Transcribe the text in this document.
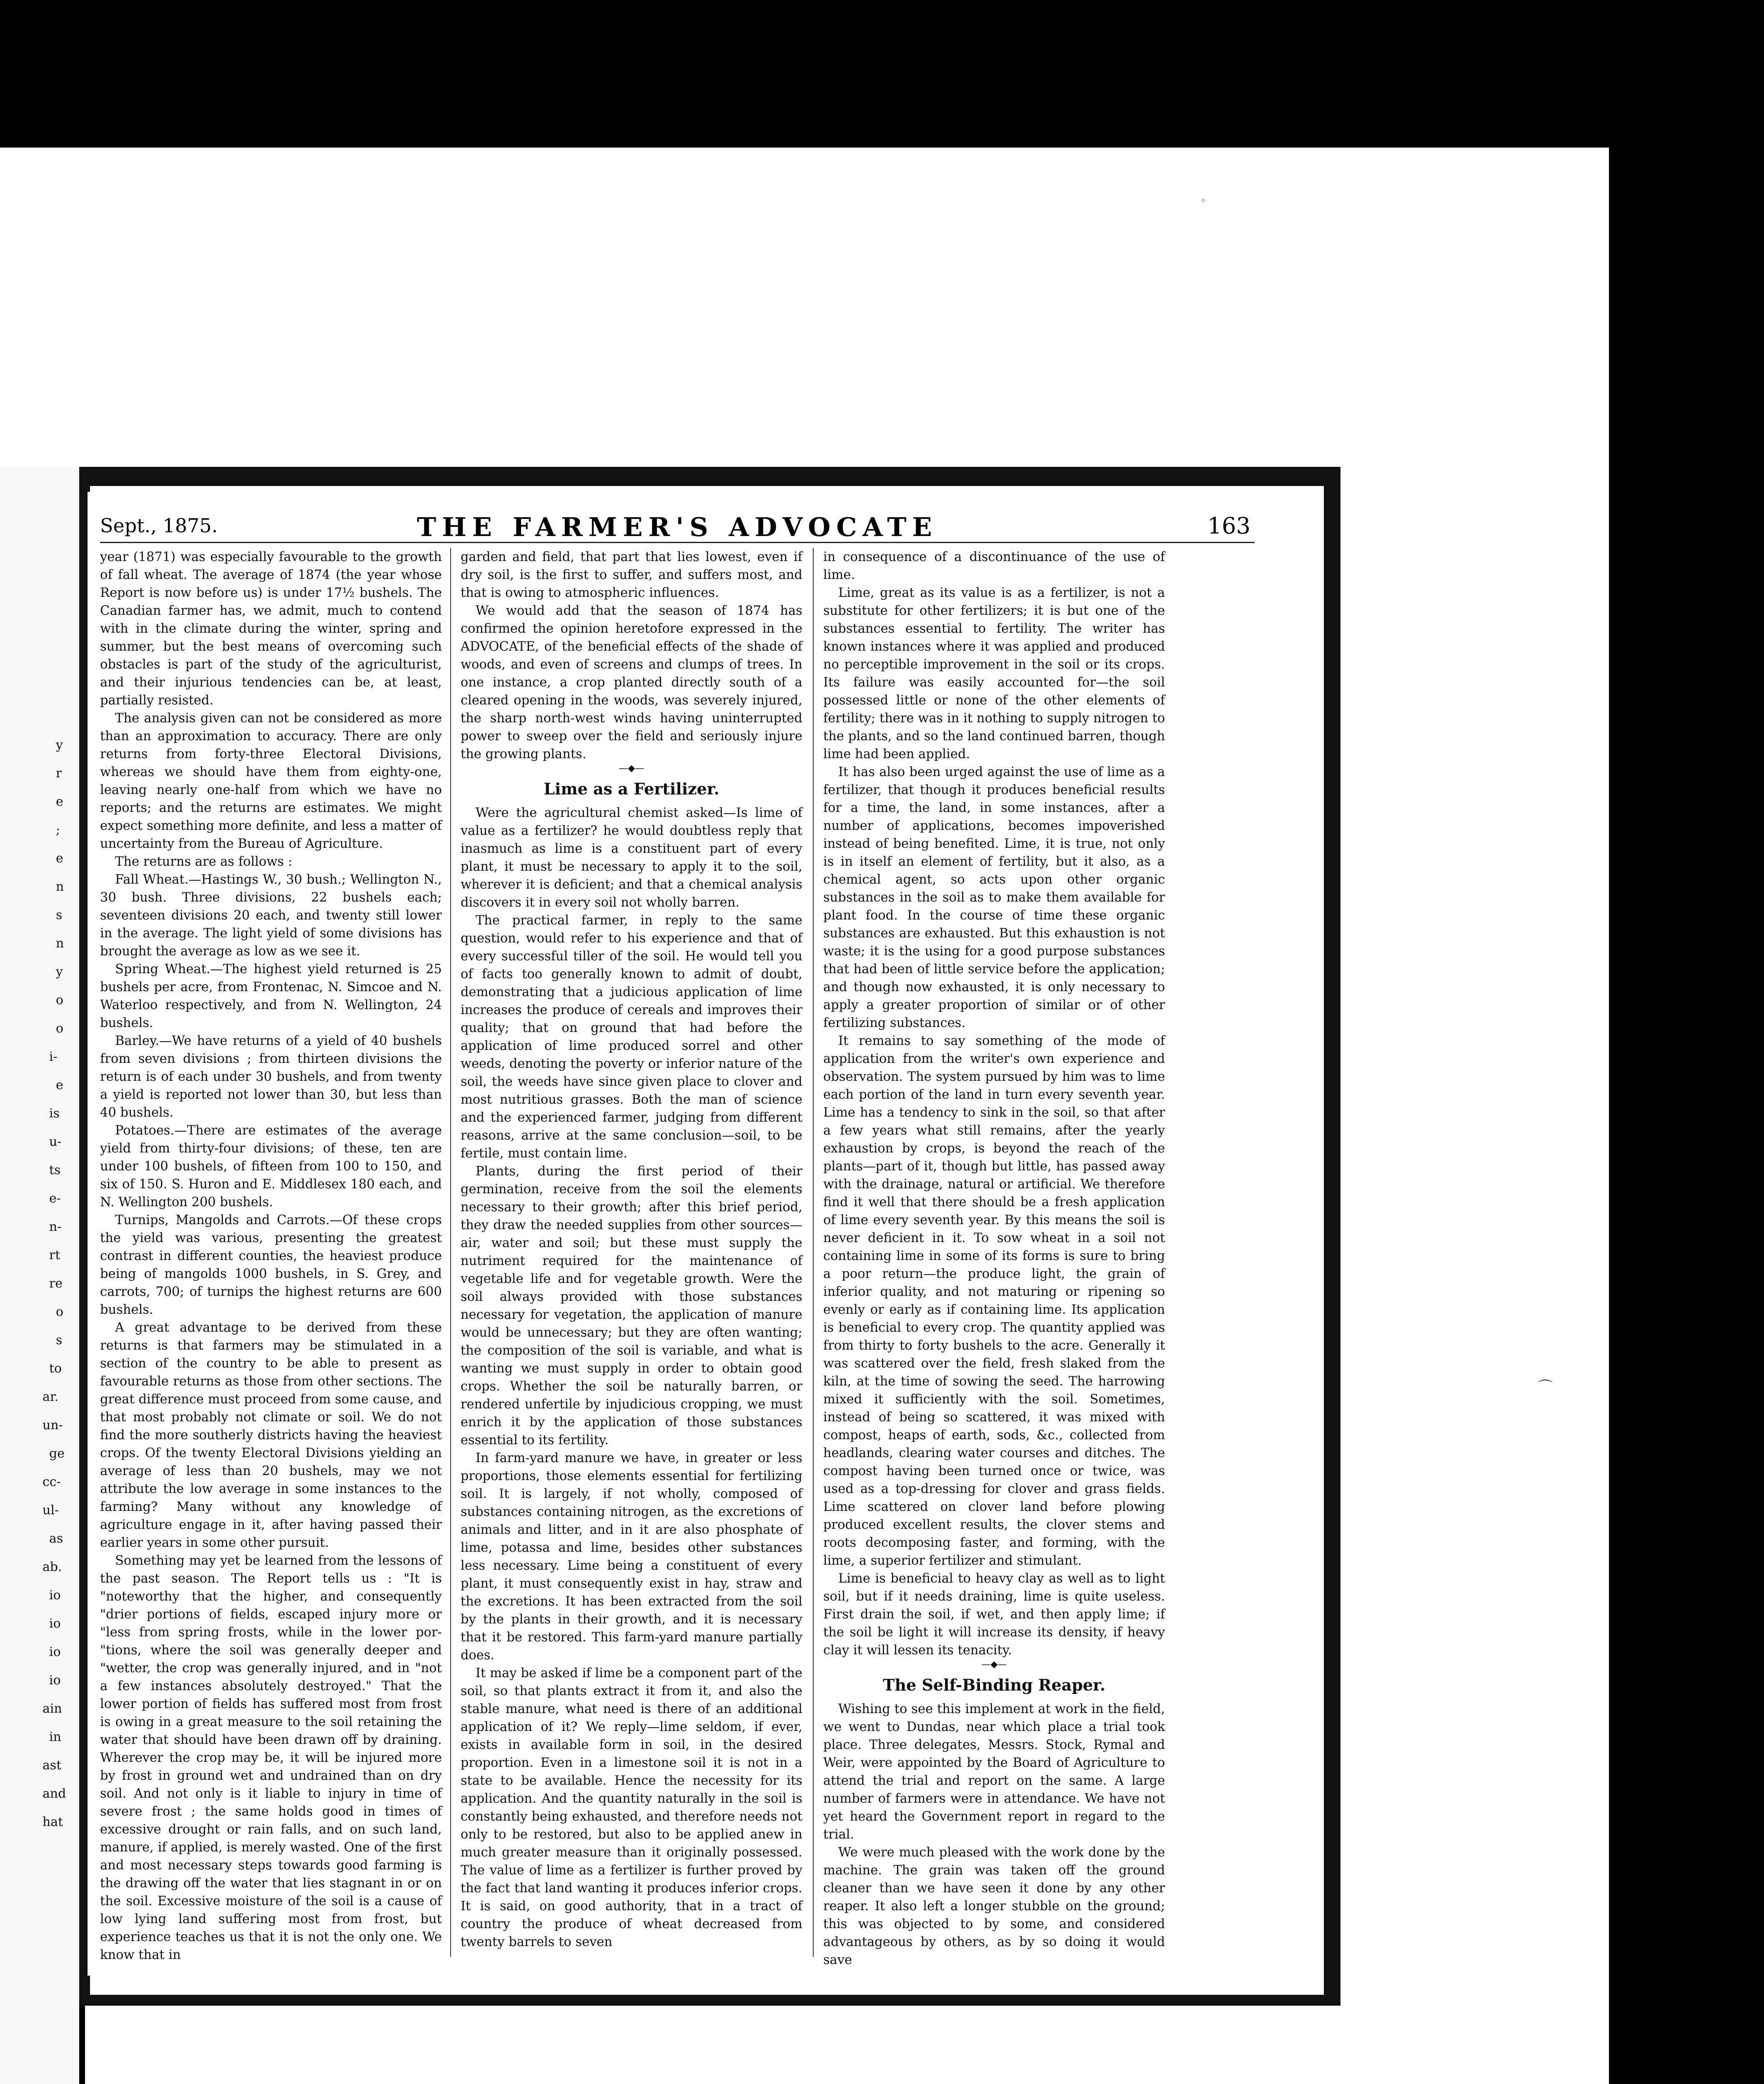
y
r
e
;
e
n
s
n
y
o
o
i-
e
is
u-
ts
e-
n-
rt
re
o
s
to
ar.
un-
ge
cc-
ul-
as
ab.
io
io
io
io
ain
in
ast
and
hat
Sept., 1875.	THE FARMER'S ADVOCATE	163

year (1871) was especially favourable to the growth of fall wheat. The average of 1874 (the year whose Report is now before us) is under 17½ bushels. The Canadian farmer has, we admit, much to contend with in the climate during the winter, spring and summer, but the best means of overcoming such obstacles is part of the study of the agriculturist, and their injurious tendencies can be, at least, partially resisted.

The analysis given can not be considered as more than an approximation to accuracy. There are only returns from forty-three Electoral Divisions, whereas we should have them from eighty-one, leaving nearly one-half from which we have no reports; and the returns are estimates. We might expect something more definite, and less a matter of uncertainty from the Bureau of Agriculture.

The returns are as follows :

Fall Wheat.—Hastings W., 30 bush.; Wellington N., 30 bush. Three divisions, 22 bushels each; seventeen divisions 20 each, and twenty still lower in the average. The light yield of some divisions has brought the average as low as we see it.

Spring Wheat.—The highest yield returned is 25 bushels per acre, from Frontenac, N. Simcoe and N. Waterloo respectively, and from N. Wellington, 24 bushels.

Barley.—We have returns of a yield of 40 bushels from seven divisions ; from thirteen divisions the return is of each under 30 bushels, and from twenty a yield is reported not lower than 30, but less than 40 bushels.

Potatoes.—There are estimates of the average yield from thirty-four divisions; of these, ten are under 100 bushels, of fifteen from 100 to 150, and six of 150. S. Huron and E. Middlesex 180 each, and N. Wellington 200 bushels.

Turnips, Mangolds and Carrots.—Of these crops the yield was various, presenting the greatest contrast in different counties, the heaviest produce being of mangolds 1000 bushels, in S. Grey, and carrots, 700; of turnips the highest returns are 600 bushels.

A great advantage to be derived from these returns is that farmers may be stimulated in a section of the country to be able to present as favourable returns as those from other sections. The great difference must proceed from some cause, and that most probably not climate or soil. We do not find the more southerly districts having the heaviest crops. Of the twenty Electoral Divisions yielding an average of less than 20 bushels, may we not attribute the low average in some instances to the farming? Many without any knowledge of agriculture engage in it, after having passed their earlier years in some other pursuit.

Something may yet be learned from the lessons of the past season. The Report tells us : "It is "noteworthy that the higher, and consequently "drier portions of fields, escaped injury more or "less from spring frosts, while in the lower por- "tions, where the soil was generally deeper and "wetter, the crop was generally injured, and in "not a few instances absolutely destroyed." That the lower portion of fields has suffered most from frost is owing in a great measure to the soil retaining the water that should have been drawn off by draining. Wherever the crop may be, it will be injured more by frost in ground wet and undrained than on dry soil. And not only is it liable to injury in time of severe frost ; the same holds good in times of excessive drought or rain falls, and on such land, manure, if applied, is merely wasted. One of the first and most necessary steps towards good farming is the drawing off the water that lies stagnant in or on the soil. Excessive moisture of the soil is a cause of low lying land suffering most from frost, but experience teaches us that it is not the only one. We know that in

garden and field, that part that lies lowest, even if dry soil, is the first to suffer, and suffers most, and that is owing to atmospheric influences.

We would add that the season of 1874 has confirmed the opinion heretofore expressed in the ADVOCATE, of the beneficial effects of the shade of woods, and even of screens and clumps of trees. In one instance, a crop planted directly south of a cleared opening in the woods, was severely injured, the sharp north-west winds having uninterrupted power to sweep over the field and seriously injure the growing plants.

—◆—
Lime as a Fertilizer.

Were the agricultural chemist asked—Is lime of value as a fertilizer? he would doubtless reply that inasmuch as lime is a constituent part of every plant, it must be necessary to apply it to the soil, wherever it is deficient; and that a chemical analysis discovers it in every soil not wholly barren.

The practical farmer, in reply to the same question, would refer to his experience and that of every successful tiller of the soil. He would tell you of facts too generally known to admit of doubt, demonstrating that a judicious application of lime increases the produce of cereals and improves their quality; that on ground that had before the application of lime produced sorrel and other weeds, denoting the poverty or inferior nature of the soil, the weeds have since given place to clover and most nutritious grasses. Both the man of science and the experienced farmer, judging from different reasons, arrive at the same conclusion—soil, to be fertile, must contain lime.

Plants, during the first period of their germination, receive from the soil the elements necessary to their growth; after this brief period, they draw the needed supplies from other sources—air, water and soil; but these must supply the nutriment required for the maintenance of vegetable life and for vegetable growth. Were the soil always provided with those substances necessary for vegetation, the application of manure would be unnecessary; but they are often wanting; the composition of the soil is variable, and what is wanting we must supply in order to obtain good crops. Whether the soil be naturally barren, or rendered unfertile by injudicious cropping, we must enrich it by the application of those substances essential to its fertility.

In farm-yard manure we have, in greater or less proportions, those elements essential for fertilizing soil. It is largely, if not wholly, composed of substances containing nitrogen, as the excretions of animals and litter, and in it are also phosphate of lime, potassa and lime, besides other substances less necessary. Lime being a constituent of every plant, it must consequently exist in hay, straw and the excretions. It has been extracted from the soil by the plants in their growth, and it is necessary that it be restored. This farm-yard manure partially does.

It may be asked if lime be a component part of the soil, so that plants extract it from it, and also the stable manure, what need is there of an additional application of it? We reply—lime seldom, if ever, exists in available form in soil, in the desired proportion. Even in a limestone soil it is not in a state to be available. Hence the necessity for its application. And the quantity naturally in the soil is constantly being exhausted, and therefore needs not only to be restored, but also to be applied anew in much greater measure than it originally possessed. The value of lime as a fertilizer is further proved by the fact that land wanting it produces inferior crops. It is said, on good authority, that in a tract of country the produce of wheat decreased from twenty barrels to seven

in consequence of a discontinuance of the use of lime.

Lime, great as its value is as a fertilizer, is not a substitute for other fertilizers; it is but one of the substances essential to fertility. The writer has known instances where it was applied and produced no perceptible improvement in the soil or its crops. Its failure was easily accounted for—the soil possessed little or none of the other elements of fertility; there was in it nothing to supply nitrogen to the plants, and so the land continued barren, though lime had been applied.

It has also been urged against the use of lime as a fertilizer, that though it produces beneficial results for a time, the land, in some instances, after a number of applications, becomes impoverished instead of being benefited. Lime, it is true, not only is in itself an element of fertility, but it also, as a chemical agent, so acts upon other organic substances in the soil as to make them available for plant food. In the course of time these organic substances are exhausted. But this exhaustion is not waste; it is the using for a good purpose substances that had been of little service before the application; and though now exhausted, it is only necessary to apply a greater proportion of similar or of other fertilizing substances.

It remains to say something of the mode of application from the writer's own experience and observation. The system pursued by him was to lime each portion of the land in turn every seventh year. Lime has a tendency to sink in the soil, so that after a few years what still remains, after the yearly exhaustion by crops, is beyond the reach of the plants—part of it, though but little, has passed away with the drainage, natural or artificial. We therefore find it well that there should be a fresh application of lime every seventh year. By this means the soil is never deficient in it. To sow wheat in a soil not containing lime in some of its forms is sure to bring a poor return—the produce light, the grain of inferior quality, and not maturing or ripening so evenly or early as if containing lime. Its application is beneficial to every crop. The quantity applied was from thirty to forty bushels to the acre. Generally it was scattered over the field, fresh slaked from the kiln, at the time of sowing the seed. The harrowing mixed it sufficiently with the soil. Sometimes, instead of being so scattered, it was mixed with compost, heaps of earth, sods, &c., collected from headlands, clearing water courses and ditches. The compost having been turned once or twice, was used as a top-dressing for clover and grass fields. Lime scattered on clover land before plowing produced excellent results, the clover stems and roots decomposing faster, and forming, with the lime, a superior fertilizer and stimulant.

Lime is beneficial to heavy clay as well as to light soil, but if it needs draining, lime is quite useless. First drain the soil, if wet, and then apply lime; if the soil be light it will increase its density, if heavy clay it will lessen its tenacity.

—◆—
The Self-Binding Reaper.

Wishing to see this implement at work in the field, we went to Dundas, near which place a trial took place. Three delegates, Messrs. Stock, Rymal and Weir, were appointed by the Board of Agriculture to attend the trial and report on the same. A large number of farmers were in attendance. We have not yet heard the Government report in regard to the trial.

We were much pleased with the work done by the machine. The grain was taken off the ground cleaner than we have seen it done by any other reaper. It also left a longer stubble on the ground; this was objected to by some, and considered advantageous by others, as by so doing it would save

◦
⌒
